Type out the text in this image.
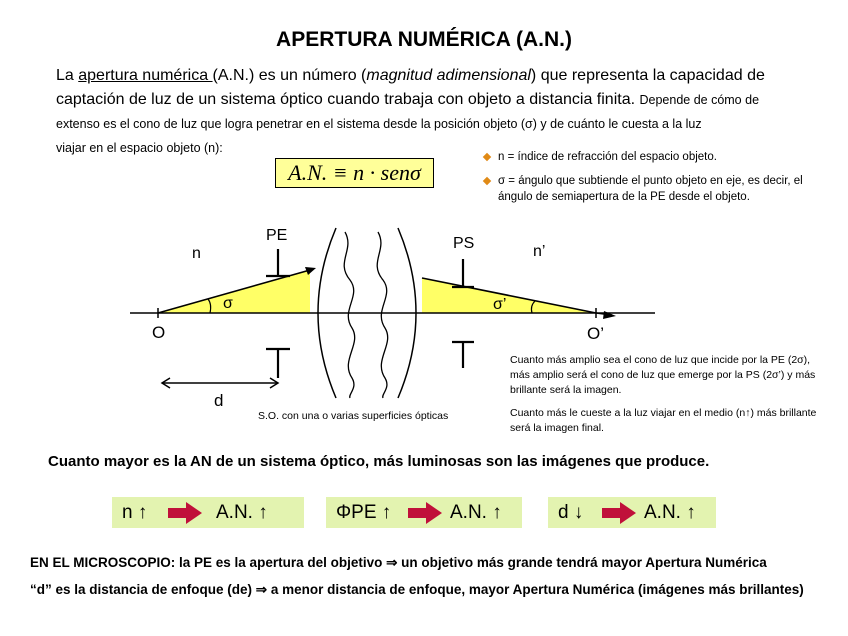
APERTURA NUMÉRICA (A.N.)
La apertura numérica (A.N.) es un número (magnitud adimensional) que representa la capacidad de
captación de luz de un sistema óptico cuando trabaja con objeto a distancia finita. Depende de cómo de
extenso es el cono de luz que logra penetrar en el sistema desde la posición objeto (σ) y de cuánto le cuesta a la luz
viajar en el espacio objeto (n):
A.N. ≡ n · senσ
n = índice de refracción del espacio objeto.
σ = ángulo que subtiende el punto objeto en eje, es decir, el ángulo de semiapertura de la PE desde el objeto.
n	n’
PE	PS
O	O’
σ	σ’
d
S.O. con una o varias superficies ópticas
Cuanto más amplio sea el cono de luz que incide por la PE (2σ), más amplio será el cono de luz que emerge por la PS (2σ’) y más brillante será la imagen.
Cuanto más le cueste a la luz viajar en el medio (n↑) más brillante será la imagen final.
Cuanto mayor es la AN de un sistema óptico, más luminosas son las imágenes que produce.
n ↑	A.N. ↑	ΦPE ↑	A.N. ↑	d ↓	A.N. ↑
EN EL MICROSCOPIO: la PE es la apertura del objetivo ⇒ un objetivo más grande tendrá mayor Apertura Numérica
“d” es la distancia de enfoque (de) ⇒ a menor distancia de enfoque, mayor Apertura Numérica (imágenes más brillantes)
